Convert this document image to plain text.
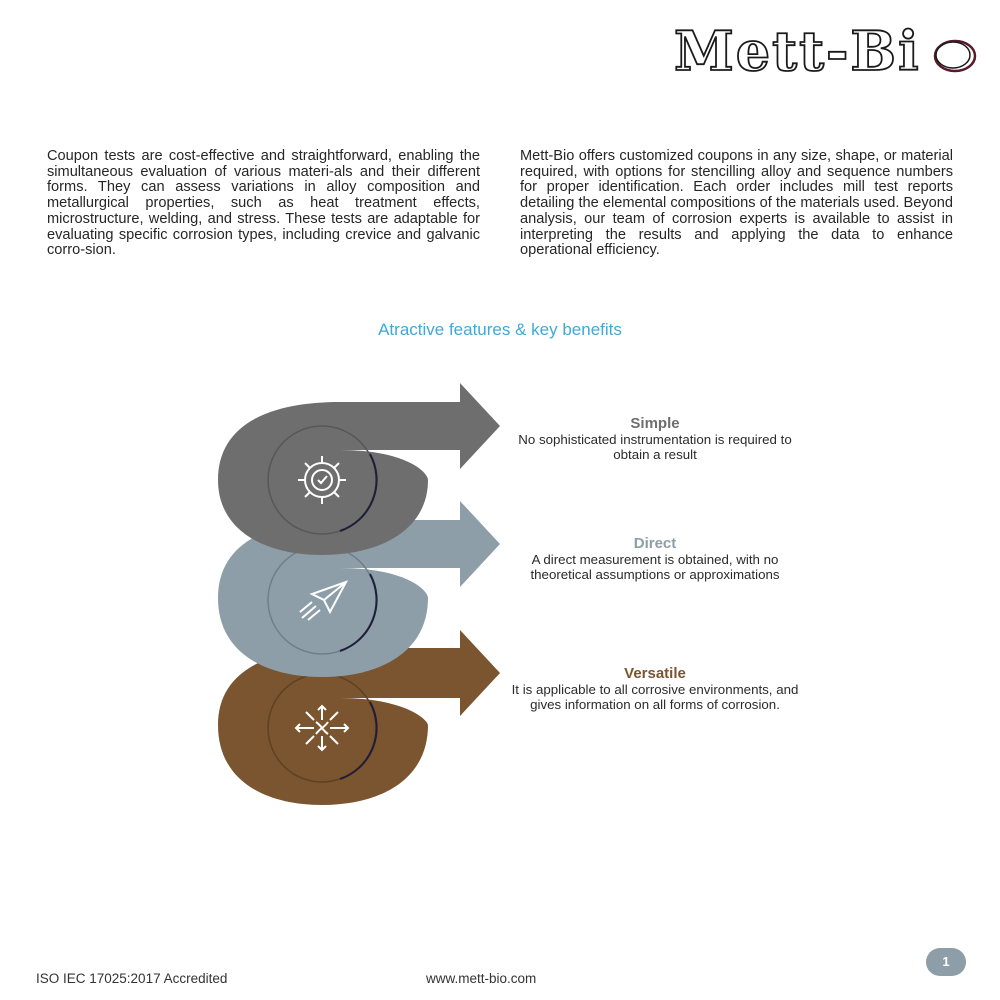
Mett-Bi
Coupon tests are cost-effective and straightforward, enabling the simultaneous evaluation of various materi-als and their different forms. They can assess variations in alloy composition and metallurgical properties, such as heat treatment effects, microstructure, welding, and stress. These tests are adaptable for evaluating specific corrosion types, including crevice and galvanic corro-sion.
Mett-Bio offers customized coupons in any size, shape, or material required, with options for stencilling alloy and sequence numbers for proper identification. Each order includes mill test reports detailing the elemental compositions of the materials used. Beyond analysis, our team of corrosion experts is available to assist in interpreting the results and applying the data to enhance operational efficiency.
Atractive features & key benefits
Simple
No sophisticated instrumentation is required to obtain a result
Direct
A direct measurement is obtained, with no theoretical assumptions or approximations
Versatile
It is applicable to all corrosive environments, and gives information on all forms of corrosion.
ISO IEC 17025:2017 Accredited	www.mett-bio.com
1
